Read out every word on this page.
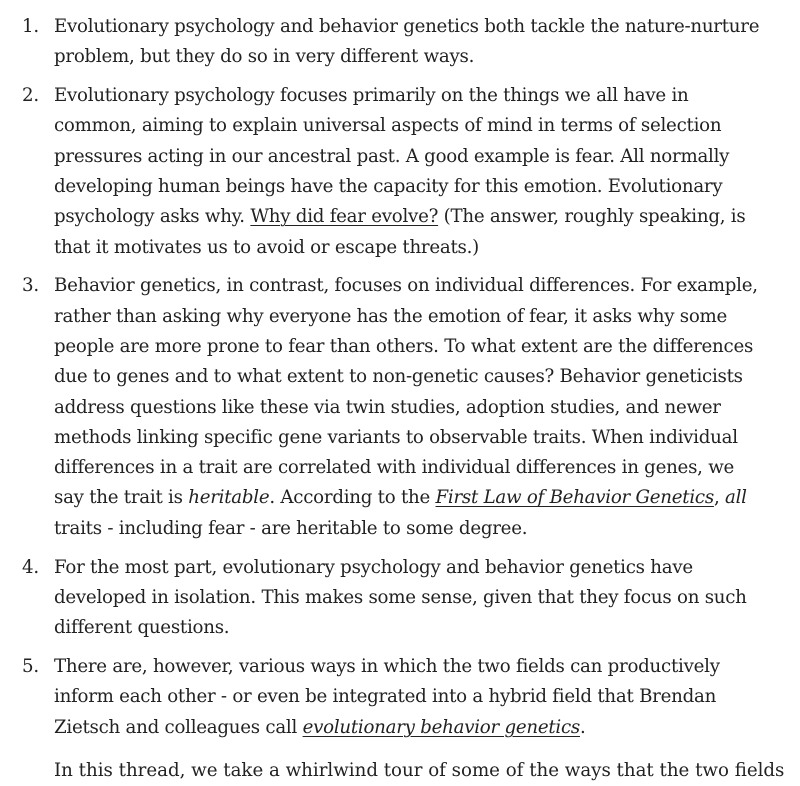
1. Evolutionary psychology and behavior genetics both tackle the nature-nurture problem, but they do so in very different ways.
2. Evolutionary psychology focuses primarily on the things we all have in common, aiming to explain universal aspects of mind in terms of selection pressures acting in our ancestral past. A good example is fear. All normally developing human beings have the capacity for this emotion. Evolutionary psychology asks why. Why did fear evolve? (The answer, roughly speaking, is that it motivates us to avoid or escape threats.)
3. Behavior genetics, in contrast, focuses on individual differences. For example, rather than asking why everyone has the emotion of fear, it asks why some people are more prone to fear than others. To what extent are the differences due to genes and to what extent to non-genetic causes? Behavior geneticists address questions like these via twin studies, adoption studies, and newer methods linking specific gene variants to observable traits. When individual differences in a trait are correlated with individual differences in genes, we say the trait is heritable. According to the First Law of Behavior Genetics, all traits - including fear - are heritable to some degree.
4. For the most part, evolutionary psychology and behavior genetics have developed in isolation. This makes some sense, given that they focus on such different questions.
5. There are, however, various ways in which the two fields can productively inform each other - or even be integrated into a hybrid field that Brendan Zietsch and colleagues call evolutionary behavior genetics.
In this thread, we take a whirlwind tour of some of the ways that the two fields
